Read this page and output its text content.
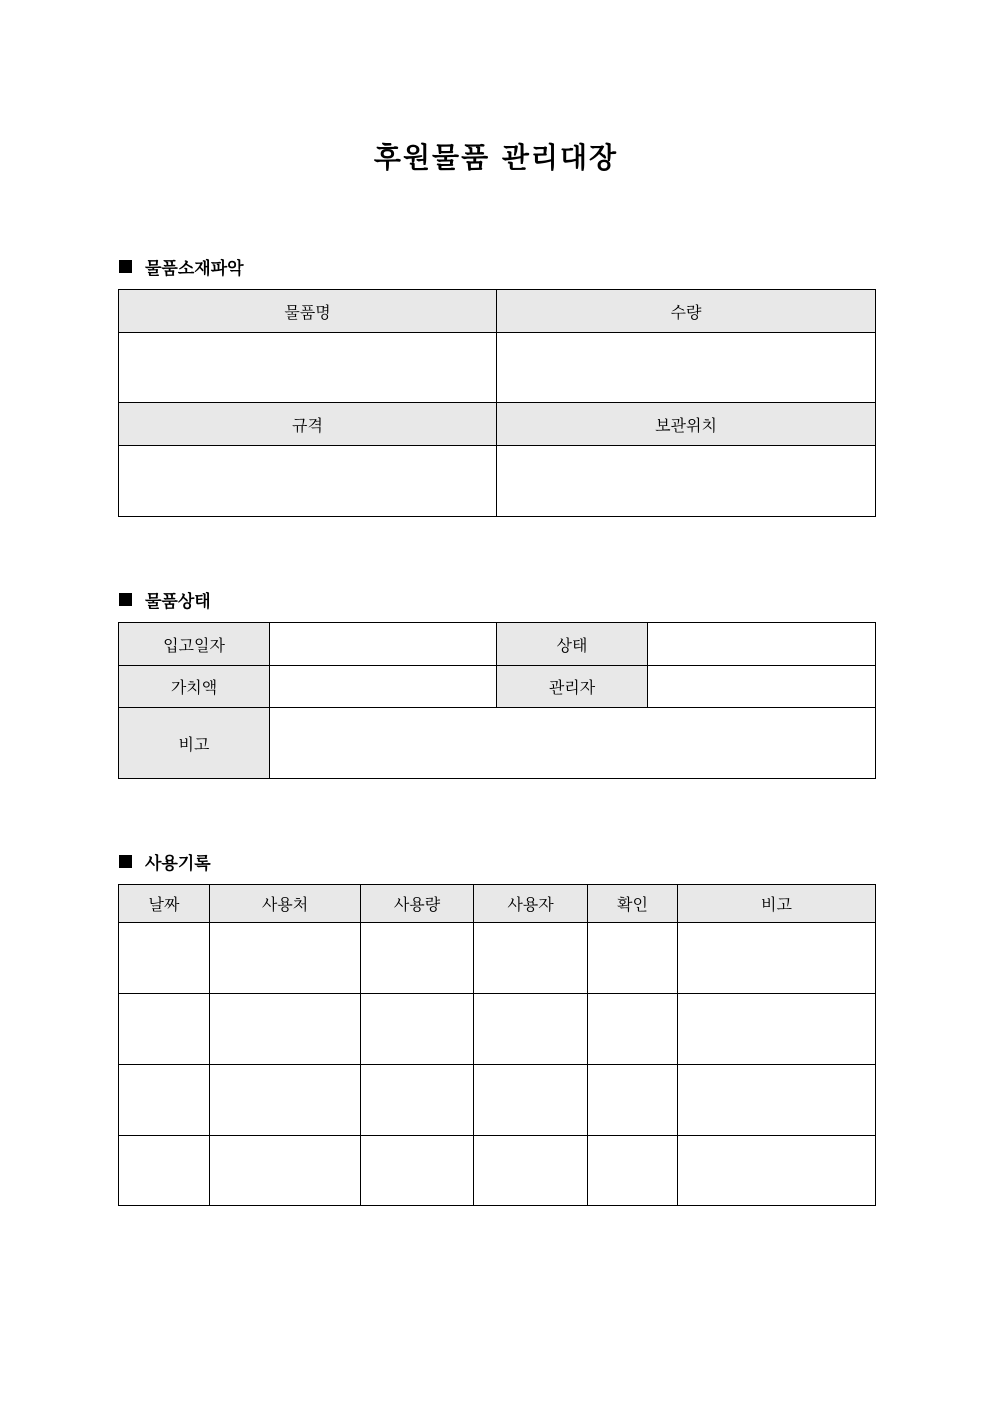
후원물품 관리대장
물품소재파악
물품명	수량

규격	보관위치

물품상태
입고일자		상태	
가치액		관리자	
비고			
사용기록
날짜	사용처	사용량	사용자	확인	비고
